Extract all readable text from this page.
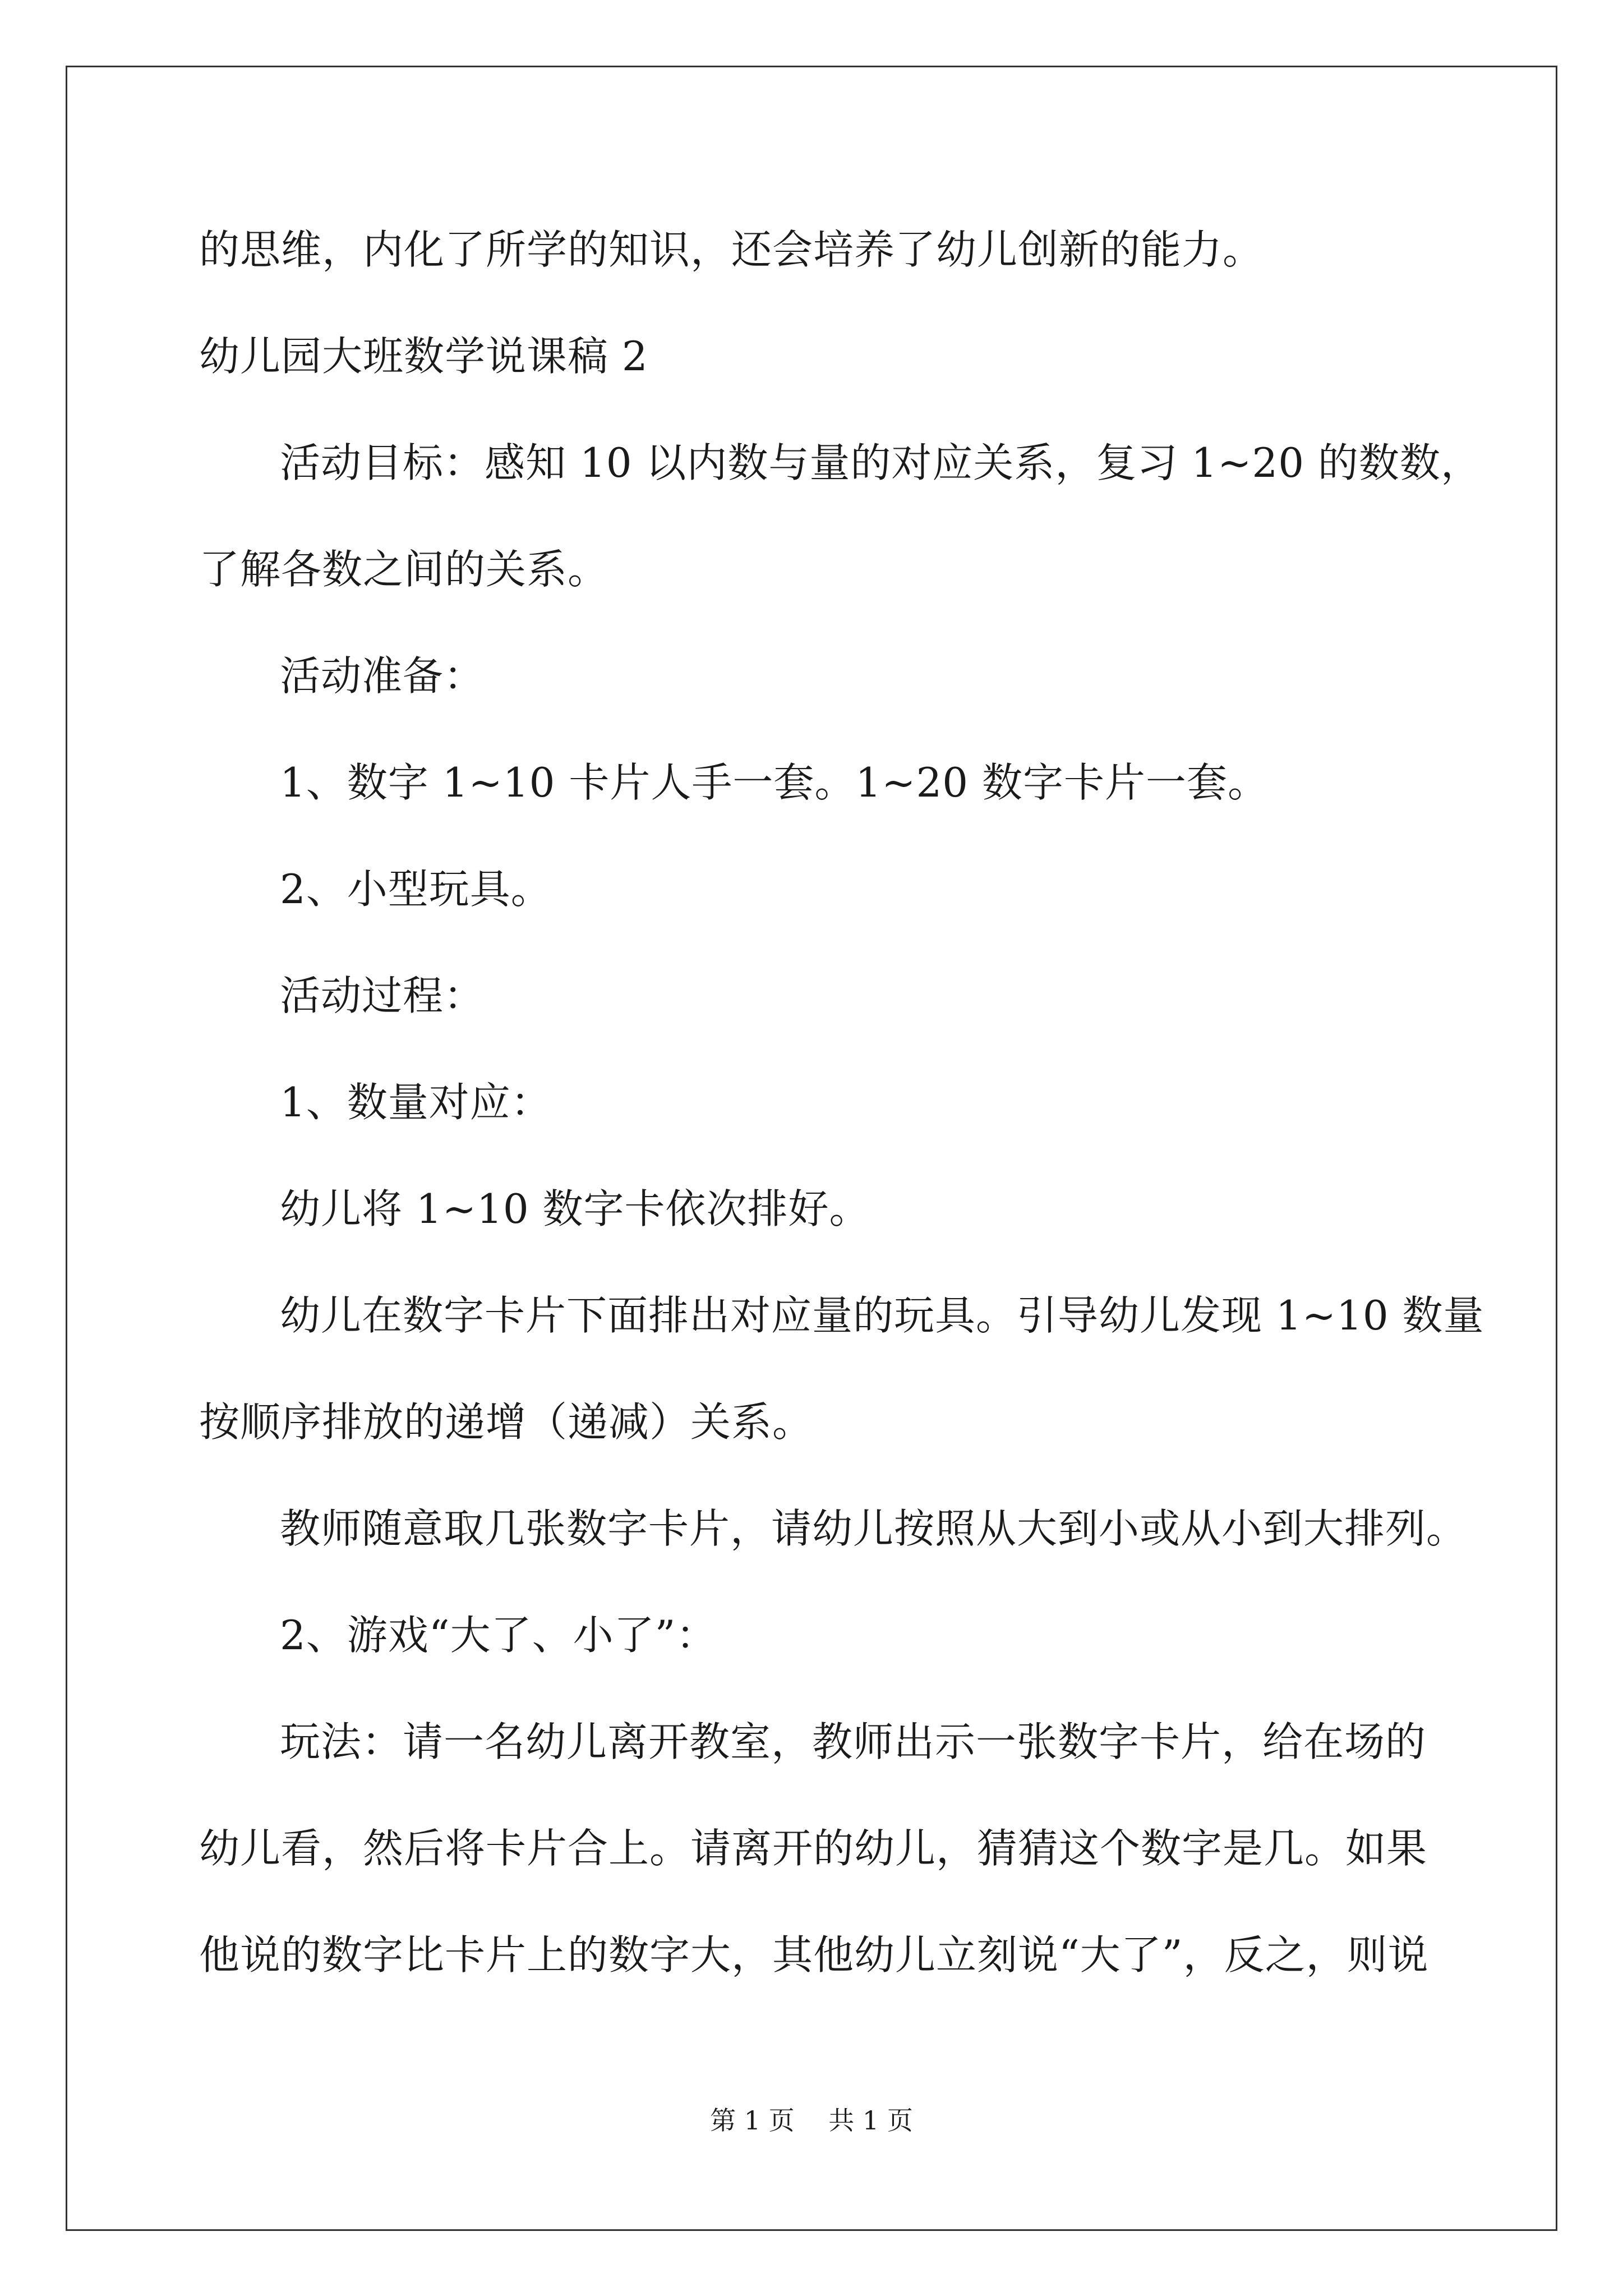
的思维，内化了所学的知识，还会培养了幼儿创新的能力。
幼儿园大班数学说课稿 2
活动目标：感知 10 以内数与量的对应关系，复习 1~20 的数数，
了解各数之间的关系。
活动准备：
1、数字 1~10 卡片人手一套。1~20 数字卡片一套。
2、小型玩具。
活动过程：
1、数量对应：
幼儿将 1~10 数字卡依次排好。
幼儿在数字卡片下面排出对应量的玩具。引导幼儿发现 1~10 数量
按顺序排放的递增（递减）关系。
教师随意取几张数字卡片，请幼儿按照从大到小或从小到大排列。
2、游戏“大了、小了”：
玩法：请一名幼儿离开教室，教师出示一张数字卡片，给在场的
幼儿看，然后将卡片合上。请离开的幼儿，猜猜这个数字是几。如果
他说的数字比卡片上的数字大，其他幼儿立刻说“大了”，反之，则说
第 1 页　 共 1 页
